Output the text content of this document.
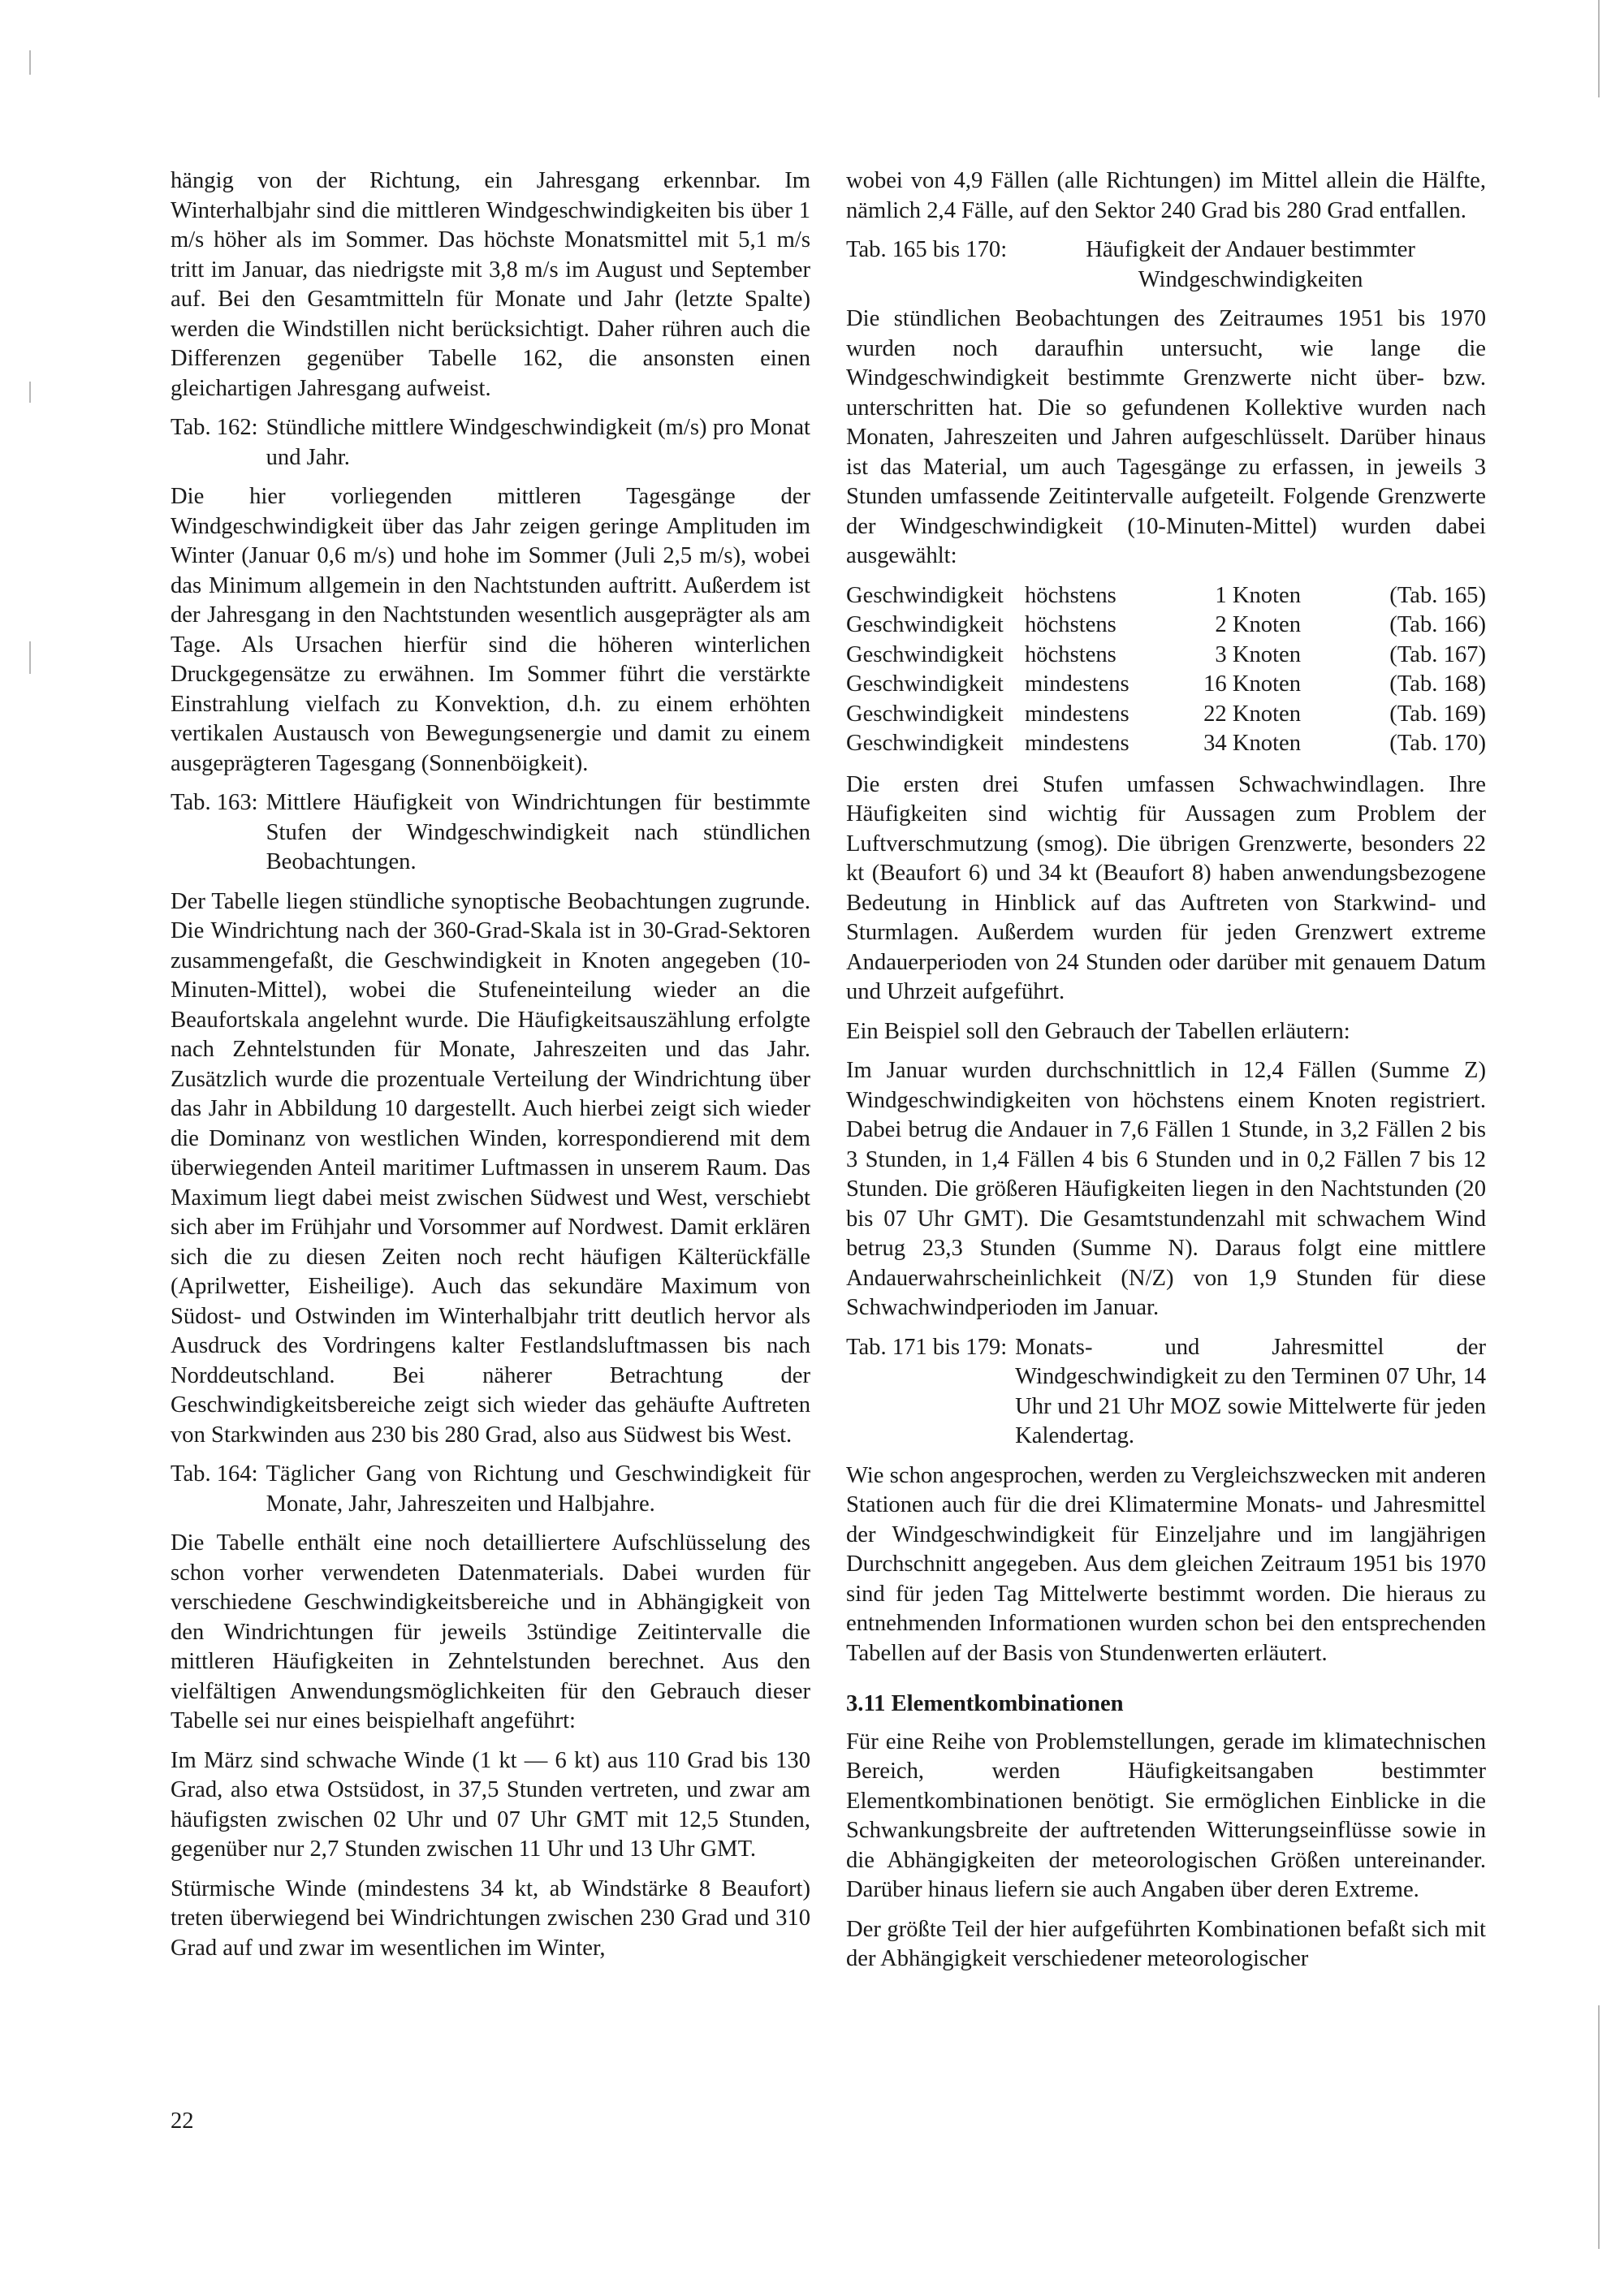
hängig von der Richtung, ein Jahresgang erkennbar. Im Winterhalbjahr sind die mittleren Windgeschwindigkeiten bis über 1 m/s höher als im Sommer. Das höchste Monatsmittel mit 5,1 m/s tritt im Januar, das niedrigste mit 3,8 m/s im August und September auf. Bei den Gesamtmitteln für Monate und Jahr (letzte Spalte) werden die Windstillen nicht berücksichtigt. Daher rühren auch die Differenzen gegenüber Tabelle 162, die ansonsten einen gleichartigen Jahresgang aufweist.

Tab. 162: Stündliche mittlere Windgeschwindigkeit (m/s) pro Monat und Jahr.

Die hier vorliegenden mittleren Tagesgänge der Windgeschwindigkeit über das Jahr zeigen geringe Amplituden im Winter (Januar 0,6 m/s) und hohe im Sommer (Juli 2,5 m/s), wobei das Minimum allgemein in den Nachtstunden auftritt. Außerdem ist der Jahresgang in den Nachtstunden wesentlich ausgeprägter als am Tage. Als Ursachen hierfür sind die höheren winterlichen Druckgegensätze zu erwähnen. Im Sommer führt die verstärkte Einstrahlung vielfach zu Konvektion, d.h. zu einem erhöhten vertikalen Austausch von Bewegungsenergie und damit zu einem ausgeprägteren Tagesgang (Sonnenböigkeit).

Tab. 163: Mittlere Häufigkeit von Windrichtungen für bestimmte Stufen der Windgeschwindigkeit nach stündlichen Beobachtungen.

Der Tabelle liegen stündliche synoptische Beobachtungen zugrunde. Die Windrichtung nach der 360-Grad-Skala ist in 30-Grad-Sektoren zusammengefaßt, die Geschwindigkeit in Knoten angegeben (10-Minuten-Mittel), wobei die Stufeneinteilung wieder an die Beaufortskala angelehnt wurde. Die Häufigkeitsauszählung erfolgte nach Zehntelstunden für Monate, Jahreszeiten und das Jahr. Zusätzlich wurde die prozentuale Verteilung der Windrichtung über das Jahr in Abbildung 10 dargestellt. Auch hierbei zeigt sich wieder die Dominanz von westlichen Winden, korrespondierend mit dem überwiegenden Anteil maritimer Luftmassen in unserem Raum. Das Maximum liegt dabei meist zwischen Südwest und West, verschiebt sich aber im Frühjahr und Vorsommer auf Nordwest. Damit erklären sich die zu diesen Zeiten noch recht häufigen Kälterückfälle (Aprilwetter, Eisheilige). Auch das sekundäre Maximum von Südost- und Ostwinden im Winterhalbjahr tritt deutlich hervor als Ausdruck des Vordringens kalter Festlandsluftmassen bis nach Norddeutschland. Bei näherer Betrachtung der Geschwindigkeitsbereiche zeigt sich wieder das gehäufte Auftreten von Starkwinden aus 230 bis 280 Grad, also aus Südwest bis West.

Tab. 164: Täglicher Gang von Richtung und Geschwindigkeit für Monate, Jahr, Jahreszeiten und Halbjahre.

Die Tabelle enthält eine noch detailliertere Aufschlüsselung des schon vorher verwendeten Datenmaterials. Dabei wurden für verschiedene Geschwindigkeitsbereiche und in Abhängigkeit von den Windrichtungen für jeweils 3stündige Zeitintervalle die mittleren Häufigkeiten in Zehntelstunden berechnet. Aus den vielfältigen Anwendungsmöglichkeiten für den Gebrauch dieser Tabelle sei nur eines beispielhaft angeführt:

Im März sind schwache Winde (1 kt — 6 kt) aus 110 Grad bis 130 Grad, also etwa Ostsüdost, in 37,5 Stunden vertreten, und zwar am häufigsten zwischen 02 Uhr und 07 Uhr GMT mit 12,5 Stunden, gegenüber nur 2,7 Stunden zwischen 11 Uhr und 13 Uhr GMT.

Stürmische Winde (mindestens 34 kt, ab Windstärke 8 Beaufort) treten überwiegend bei Windrichtungen zwischen 230 Grad und 310 Grad auf und zwar im wesentlichen im Winter,

wobei von 4,9 Fällen (alle Richtungen) im Mittel allein die Hälfte, nämlich 2,4 Fälle, auf den Sektor 240 Grad bis 280 Grad entfallen.

Tab. 165 bis 170:	Häufigkeit der Andauer bestimmter Windgeschwindigkeiten

Die stündlichen Beobachtungen des Zeitraumes 1951 bis 1970 wurden noch daraufhin untersucht, wie lange die Windgeschwindigkeit bestimmte Grenzwerte nicht über- bzw. unterschritten hat. Die so gefundenen Kollektive wurden nach Monaten, Jahreszeiten und Jahren aufgeschlüsselt. Darüber hinaus ist das Material, um auch Tagesgänge zu erfassen, in jeweils 3 Stunden umfassende Zeitintervalle aufgeteilt. Folgende Grenzwerte der Windgeschwindigkeit (10-Minuten-Mittel) wurden dabei ausgewählt:

Geschwindigkeit	höchstens	1 Knoten	(Tab. 165)
Geschwindigkeit	höchstens	2 Knoten	(Tab. 166)
Geschwindigkeit	höchstens	3 Knoten	(Tab. 167)
Geschwindigkeit	mindestens	16 Knoten	(Tab. 168)
Geschwindigkeit	mindestens	22 Knoten	(Tab. 169)
Geschwindigkeit	mindestens	34 Knoten	(Tab. 170)

Die ersten drei Stufen umfassen Schwachwindlagen. Ihre Häufigkeiten sind wichtig für Aussagen zum Problem der Luftverschmutzung (smog). Die übrigen Grenzwerte, besonders 22 kt (Beaufort 6) und 34 kt (Beaufort 8) haben anwendungsbezogene Bedeutung in Hinblick auf das Auftreten von Starkwind- und Sturmlagen. Außerdem wurden für jeden Grenzwert extreme Andauerperioden von 24 Stunden oder darüber mit genauem Datum und Uhrzeit aufgeführt.

Ein Beispiel soll den Gebrauch der Tabellen erläutern:

Im Januar wurden durchschnittlich in 12,4 Fällen (Summe Z) Windgeschwindigkeiten von höchstens einem Knoten registriert. Dabei betrug die Andauer in 7,6 Fällen 1 Stunde, in 3,2 Fällen 2 bis 3 Stunden, in 1,4 Fällen 4 bis 6 Stunden und in 0,2 Fällen 7 bis 12 Stunden. Die größeren Häufigkeiten liegen in den Nachtstunden (20 bis 07 Uhr GMT). Die Gesamtstundenzahl mit schwachem Wind betrug 23,3 Stunden (Summe N). Daraus folgt eine mittlere Andauerwahrscheinlichkeit (N/Z) von 1,9 Stunden für diese Schwachwindperioden im Januar.

Tab. 171 bis 179: Monats- und Jahresmittel der Windgeschwindigkeit zu den Terminen 07 Uhr, 14 Uhr und 21 Uhr MOZ sowie Mittelwerte für jeden Kalendertag.

Wie schon angesprochen, werden zu Vergleichszwecken mit anderen Stationen auch für die drei Klimatermine Monats- und Jahresmittel der Windgeschwindigkeit für Einzeljahre und im langjährigen Durchschnitt angegeben. Aus dem gleichen Zeitraum 1951 bis 1970 sind für jeden Tag Mittelwerte bestimmt worden. Die hieraus zu entnehmenden Informationen wurden schon bei den entsprechenden Tabellen auf der Basis von Stundenwerten erläutert.

3.11 Elementkombinationen

Für eine Reihe von Problemstellungen, gerade im klimatechnischen Bereich, werden Häufigkeitsangaben bestimmter Elementkombinationen benötigt. Sie ermöglichen Einblicke in die Schwankungsbreite der auftretenden Witterungseinflüsse sowie in die Abhängigkeiten der meteorologischen Größen untereinander. Darüber hinaus liefern sie auch Angaben über deren Extreme.

Der größte Teil der hier aufgeführten Kombinationen befaßt sich mit der Abhängigkeit verschiedener meteorologischer

22
